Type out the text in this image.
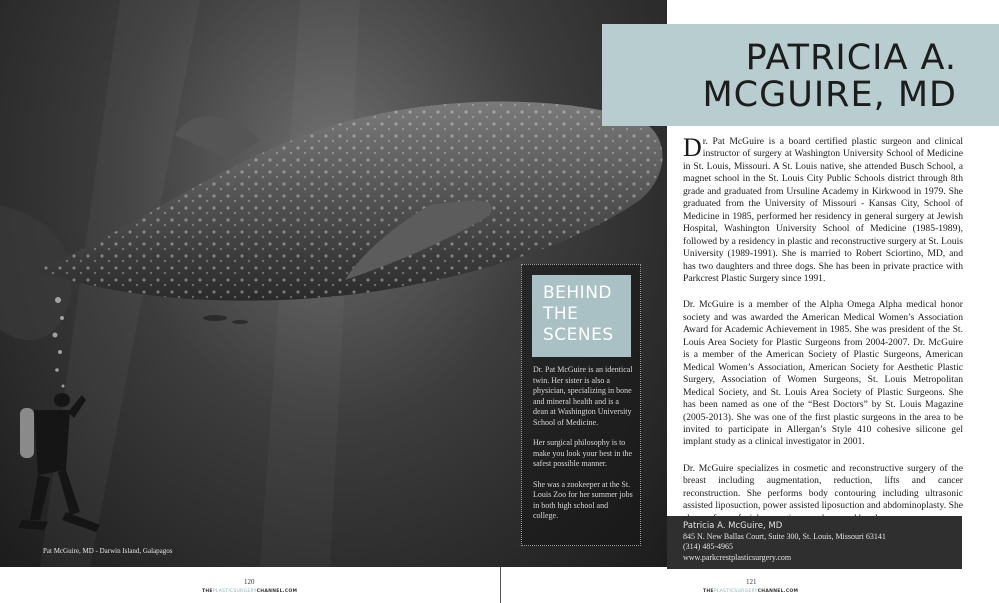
Pat McGuire, MD - Darwin Island, Galapagos
PATRICIA A.
MCGUIRE, MD

Dr. Pat McGuire is a board certified plastic surgeon and clinical instructor of surgery at Washington University School of Medicine in St. Louis, Missouri. A St. Louis native, she attended Busch School, a magnet school in the St. Louis City Public Schools district through 8th grade and graduated from Ursuline Academy in Kirkwood in 1979. She graduated from the University of Missouri - Kansas City, School of Medicine in 1985, performed her residency in general surgery at Jewish Hospital, Washington University School of Medicine (1985-1989), followed by a residency in plastic and reconstructive surgery at St. Louis University (1989-1991). She is married to Robert Sciortino, MD, and has two daughters and three dogs. She has been in private practice with Parkcrest Plastic Surgery since 1991.

Dr. McGuire is a member of the Alpha Omega Alpha medical honor society and was awarded the American Medical Women’s Association Award for Academic Achievement in 1985. She was president of the St. Louis Area Society for Plastic Surgeons from 2004-2007. Dr. McGuire is a member of the American Society of Plastic Surgeons, American Medical Women’s Association, American Society for Aesthetic Plastic Surgery, Association of Women Surgeons, St. Louis Metropolitan Medical Society, and St. Louis Area Society of Plastic Surgeons. She has been named as one of the “Best Doctors” by St. Louis Magazine (2005-2013). She was one of the first plastic surgeons in the area to be invited to participate in Allergan’s Style 410 cohesive silicone gel implant study as a clinical investigator in 2001.

Dr. McGuire specializes in cosmetic and reconstructive surgery of the breast including augmentation, reduction, lifts and cancer reconstruction. She performs body contouring including ultrasonic assisted liposuction, power assisted liposuction and abdominoplasty. She

BEHIND
THE
SCENES

Dr. Pat McGuire is an identical twin. Her sister is also a physician, specializing in bone and mineral health and is a dean at Washington University School of Medicine.

Her surgical philosophy is to make you look your best in the safest possible manner.

She was a zookeeper at the St. Louis Zoo for her summer jobs in both high school and college.

Patricia A. McGuire, MD
845 N. New Ballas Court, Suite 300, St. Louis, Missouri 63141
(314) 485-4965
www.parkcrestplasticsurgery.com
120
THEPLASTICSURGERYCHANNEL.COM
121
THEPLASTICSURGERYCHANNEL.COM
